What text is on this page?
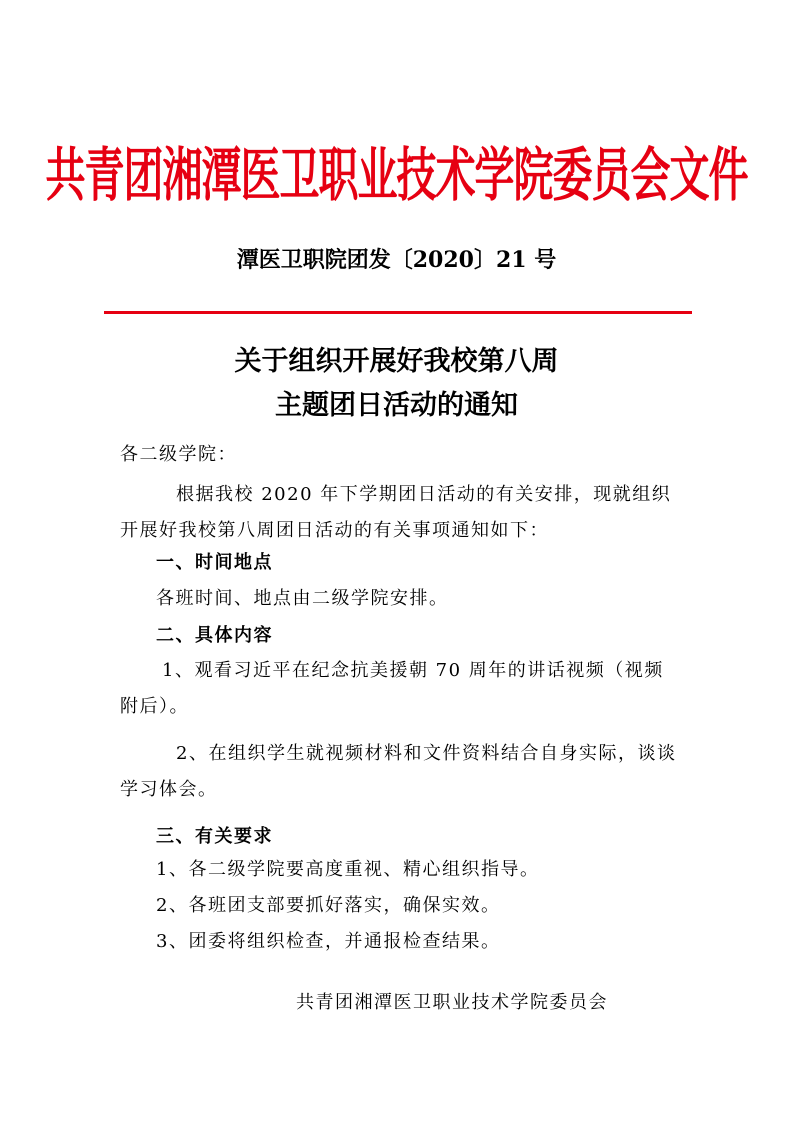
共青团湘潭医卫职业技术学院委员会文件

潭医卫职院团发〔2020〕21 号

关于组织开展好我校第八周

主题团日活动的通知

各二级学院：

根据我校 2020 年下学期团日活动的有关安排，现就组织开展好我校第八周团日活动的有关事项通知如下：

一、时间地点

各班时间、地点由二级学院安排。

二、具体内容

1、观看习近平在纪念抗美援朝 70 周年的讲话视频（视频附后）。

2、在组织学生就视频材料和文件资料结合自身实际，谈谈学习体会。

三、有关要求

1、各二级学院要高度重视、精心组织指导。

2、各班团支部要抓好落实，确保实效。

3、团委将组织检查，并通报检查结果。

共青团湘潭医卫职业技术学院委员会
